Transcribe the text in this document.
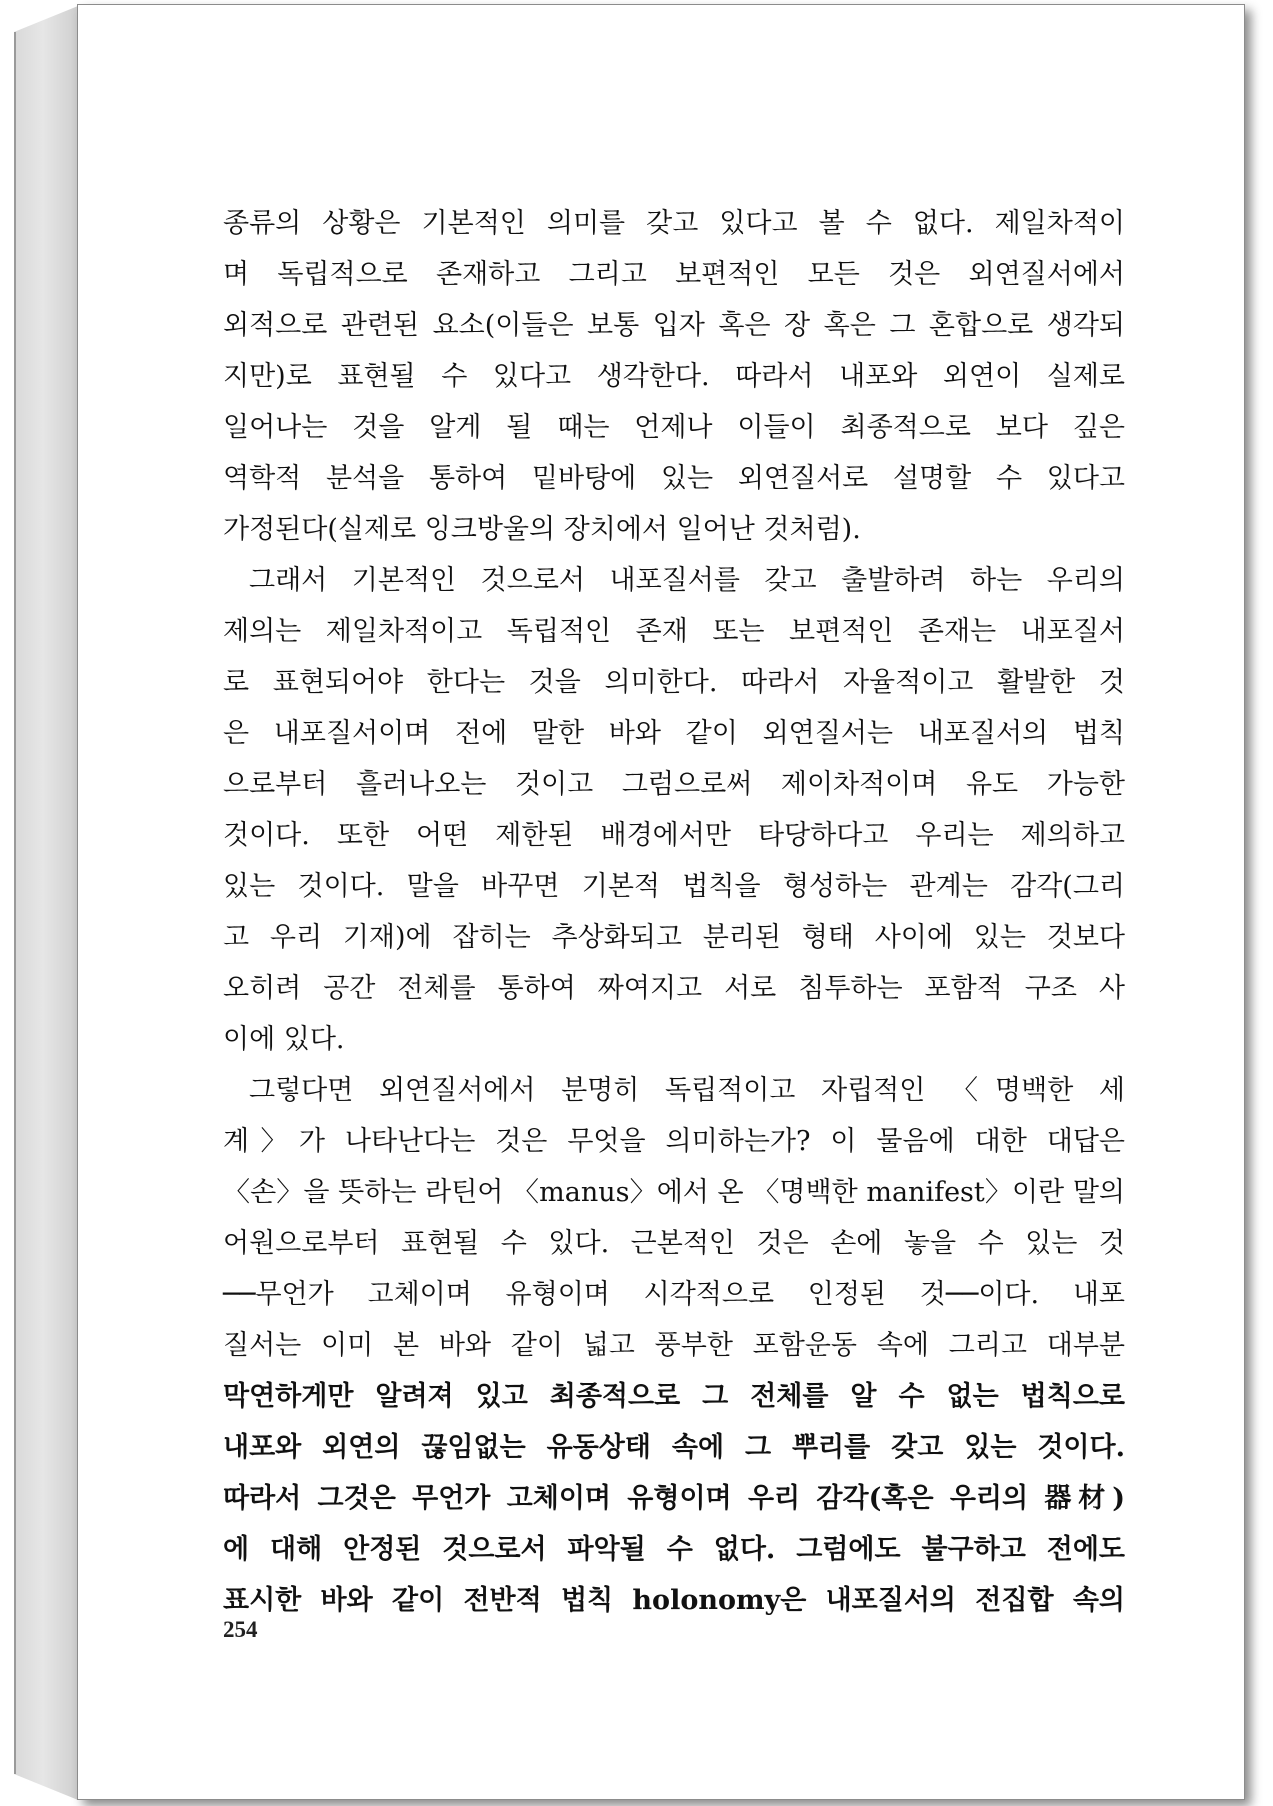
종류의 상황은 기본적인 의미를 갖고 있다고 볼 수 없다. 제일차적이
며 독립적으로 존재하고 그리고 보편적인 모든 것은 외연질서에서
외적으로 관련된 요소(이들은 보통 입자 혹은 장 혹은 그 혼합으로 생각되
지만)로 표현될 수 있다고 생각한다. 따라서 내포와 외연이 실제로
일어나는 것을 알게 될 때는 언제나 이들이 최종적으로 보다 깊은
역학적 분석을 통하여 밑바탕에 있는 외연질서로 설명할 수 있다고
가정된다(실제로 잉크방울의 장치에서 일어난 것처럼).
그래서 기본적인 것으로서 내포질서를 갖고 출발하려 하는 우리의
제의는 제일차적이고 독립적인 존재 또는 보편적인 존재는 내포질서
로 표현되어야 한다는 것을 의미한다. 따라서 자율적이고 활발한 것
은 내포질서이며 전에 말한 바와 같이 외연질서는 내포질서의 법칙
으로부터 흘러나오는 것이고 그럼으로써 제이차적이며 유도 가능한
것이다. 또한 어떤 제한된 배경에서만 타당하다고 우리는 제의하고
있는 것이다. 말을 바꾸면 기본적 법칙을 형성하는 관계는 감각(그리
고 우리 기재)에 잡히는 추상화되고 분리된 형태 사이에 있는 것보다
오히려 공간 전체를 통하여 짜여지고 서로 침투하는 포함적 구조 사
이에 있다.
그렇다면 외연질서에서 분명히 독립적이고 자립적인 〈명백한 세
계〉가 나타난다는 것은 무엇을 의미하는가? 이 물음에 대한 대답은
〈손〉을 뜻하는 라틴어 〈manus〉에서 온 〈명백한 manifest〉이란 말의
어원으로부터 표현될 수 있다. 근본적인 것은 손에 놓을 수 있는 것
──무언가 고체이며 유형이며 시각적으로 인정된 것──이다. 내포
질서는 이미 본 바와 같이 넓고 풍부한 포함운동 속에 그리고 대부분
막연하게만 알려져 있고 최종적으로 그 전체를 알 수 없는 법칙으로
내포와 외연의 끊임없는 유동상태 속에 그 뿌리를 갖고 있는 것이다.
따라서 그것은 무언가 고체이며 유형이며 우리 감각(혹은 우리의 器材)
에 대해 안정된 것으로서 파악될 수 없다. 그럼에도 불구하고 전에도
표시한 바와 같이 전반적 법칙 holonomy은 내포질서의 전집합 속의
254
